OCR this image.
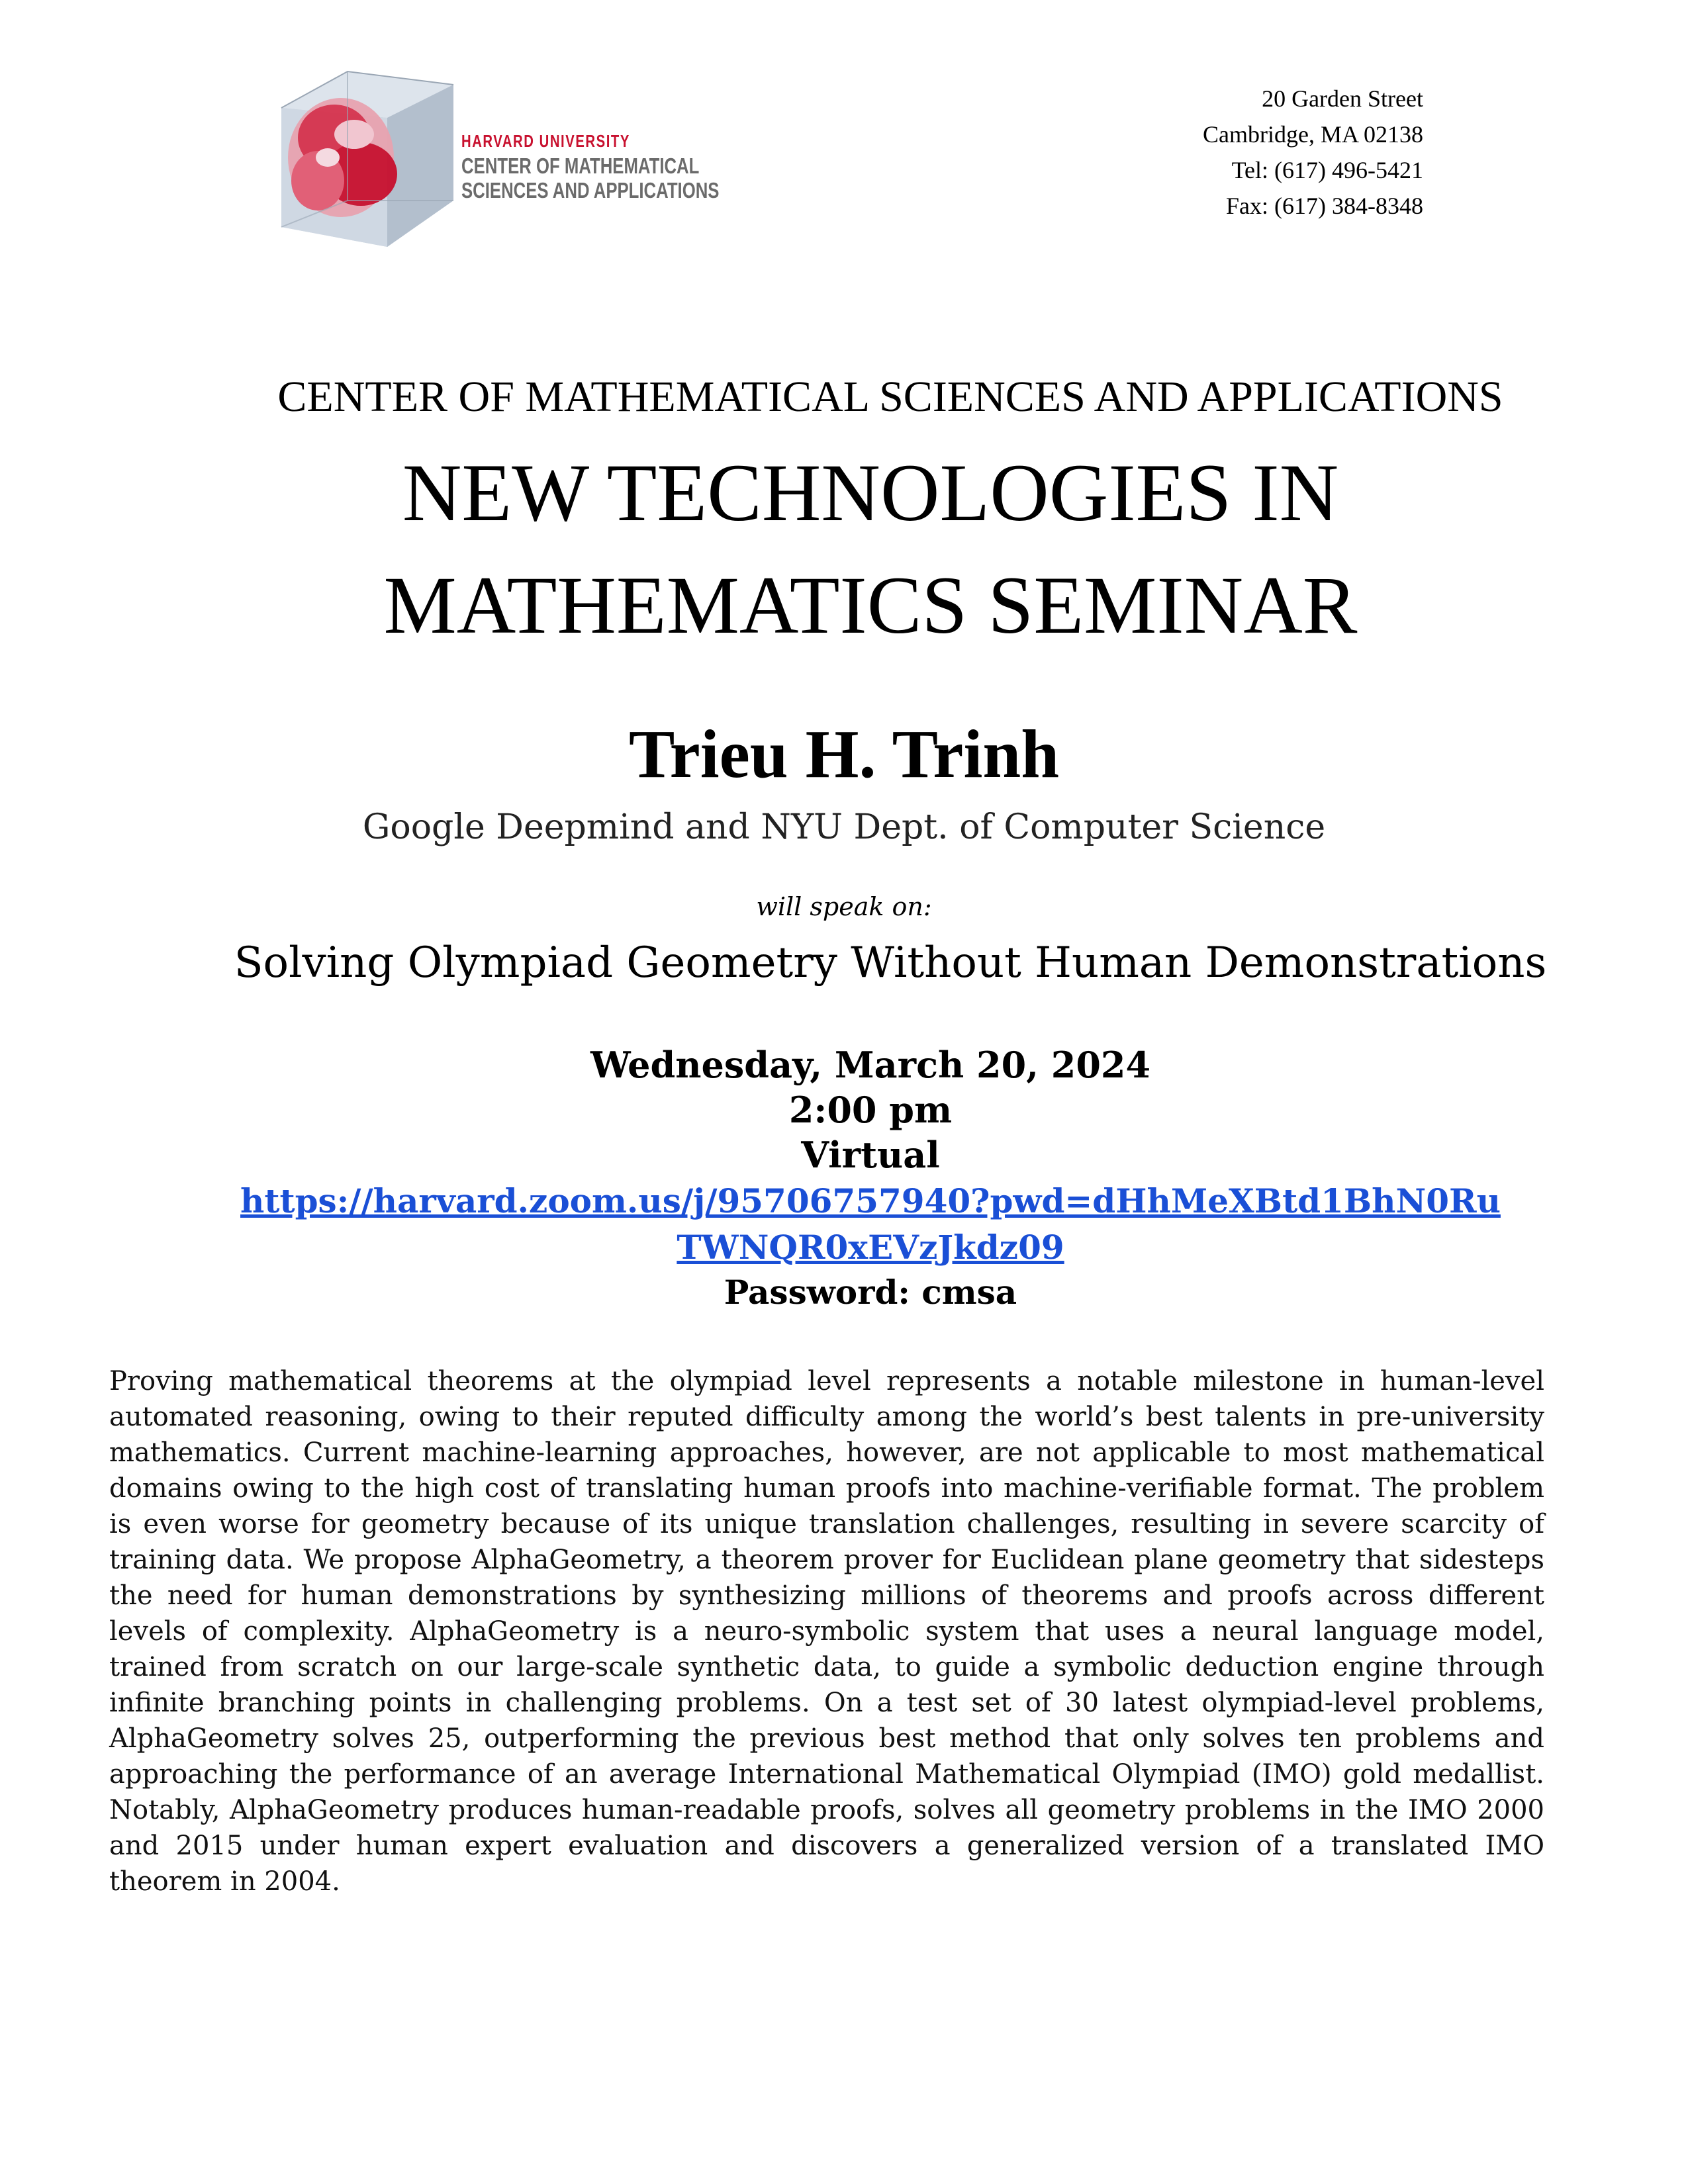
HARVARD UNIVERSITY
CENTER OF MATHEMATICAL
SCIENCES AND APPLICATIONS
20 Garden Street
Cambridge, MA 02138
Tel: (617) 496-5421
Fax: (617) 384-8348
CENTER OF MATHEMATICAL SCIENCES AND APPLICATIONS
NEW TECHNOLOGIES IN
MATHEMATICS SEMINAR
Trieu H. Trinh
Google Deepmind and NYU Dept. of Computer Science
will speak on:
Solving Olympiad Geometry Without Human Demonstrations
Wednesday, March 20, 2024
2:00 pm
Virtual
https://harvard.zoom.us/j/95706757940?pwd=dHhMeXBtd1BhN0Ru
TWNQR0xEVzJkdz09
Password: cmsa
Proving mathematical theorems at the olympiad level represents a notable milestone in human-level automated reasoning, owing to their reputed difficulty among the world’s best talents in pre-university mathematics. Current machine-learning approaches, however, are not applicable to most mathematical domains owing to the high cost of translating human proofs into machine-verifiable format. The problem is even worse for geometry because of its unique translation challenges, resulting in severe scarcity of training data. We propose AlphaGeometry, a theorem prover for Euclidean plane geometry that sidesteps the need for human demonstrations by synthesizing millions of theorems and proofs across different levels of complexity. AlphaGeometry is a neuro-symbolic system that uses a neural language model, trained from scratch on our large-scale synthetic data, to guide a symbolic deduction engine through infinite branching points in challenging problems. On a test set of 30 latest olympiad-level problems, AlphaGeometry solves 25, outperforming the previous best method that only solves ten problems and approaching the performance of an average International Mathematical Olympiad (IMO) gold medallist. Notably, AlphaGeometry produces human-readable proofs, solves all geometry problems in the IMO 2000 and 2015 under human expert evaluation and discovers a generalized version of a translated IMO theorem in 2004.
